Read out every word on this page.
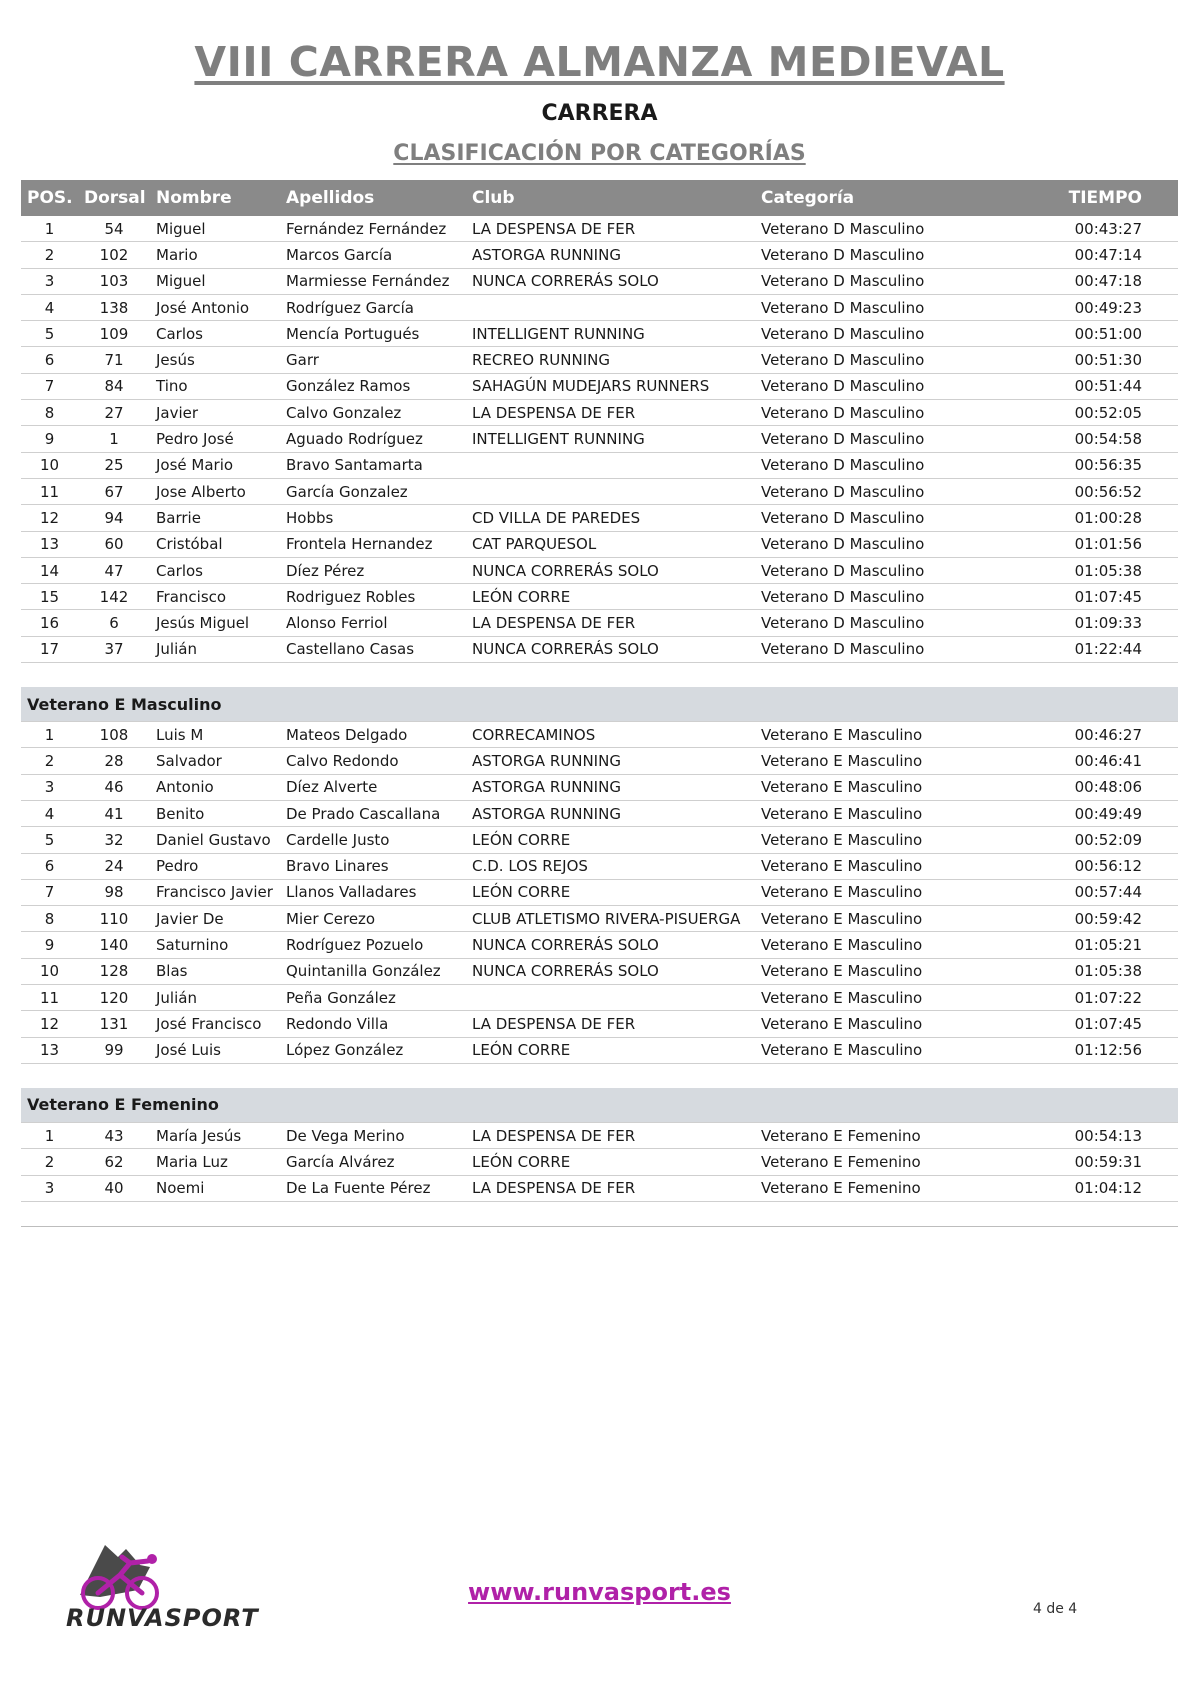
VIII CARRERA ALMANZA MEDIEVAL
CARRERA
CLASIFICACIÓN POR CATEGORÍAS
POS.	Dorsal	Nombre	Apellidos	Club	Categoría	TIEMPO
1	54	Miguel	Fernández Fernández	LA DESPENSA DE FER	Veterano D Masculino	00:43:27
2	102	Mario	Marcos García	ASTORGA RUNNING	Veterano D Masculino	00:47:14
3	103	Miguel	Marmiesse Fernández	NUNCA CORRERÁS SOLO	Veterano D Masculino	00:47:18
4	138	José Antonio	Rodríguez García		Veterano D Masculino	00:49:23
5	109	Carlos	Mencía Portugués	INTELLIGENT RUNNING	Veterano D Masculino	00:51:00
6	71	Jesús	Garr	RECREO RUNNING	Veterano D Masculino	00:51:30
7	84	Tino	González Ramos	SAHAGÚN MUDEJARS RUNNERS	Veterano D Masculino	00:51:44
8	27	Javier	Calvo Gonzalez	LA DESPENSA DE FER	Veterano D Masculino	00:52:05
9	1	Pedro José	Aguado Rodríguez	INTELLIGENT RUNNING	Veterano D Masculino	00:54:58
10	25	José Mario	Bravo Santamarta		Veterano D Masculino	00:56:35
11	67	Jose Alberto	García Gonzalez		Veterano D Masculino	00:56:52
12	94	Barrie	Hobbs	CD VILLA DE PAREDES	Veterano D Masculino	01:00:28
13	60	Cristóbal	Frontela Hernandez	CAT PARQUESOL	Veterano D Masculino	01:01:56
14	47	Carlos	Díez Pérez	NUNCA CORRERÁS SOLO	Veterano D Masculino	01:05:38
15	142	Francisco	Rodriguez Robles	LEÓN CORRE	Veterano D Masculino	01:07:45
16	6	Jesús Miguel	Alonso Ferriol	LA DESPENSA DE FER	Veterano D Masculino	01:09:33
17	37	Julián	Castellano Casas	NUNCA CORRERÁS SOLO	Veterano D Masculino	01:22:44

Veterano E Masculino						
1	108	Luis M	Mateos Delgado	CORRECAMINOS	Veterano E Masculino	00:46:27
2	28	Salvador	Calvo Redondo	ASTORGA RUNNING	Veterano E Masculino	00:46:41
3	46	Antonio	Díez Alverte	ASTORGA RUNNING	Veterano E Masculino	00:48:06
4	41	Benito	De Prado Cascallana	ASTORGA RUNNING	Veterano E Masculino	00:49:49
5	32	Daniel Gustavo	Cardelle Justo	LEÓN CORRE	Veterano E Masculino	00:52:09
6	24	Pedro	Bravo Linares	C.D. LOS REJOS	Veterano E Masculino	00:56:12
7	98	Francisco Javier	Llanos Valladares	LEÓN CORRE	Veterano E Masculino	00:57:44
8	110	Javier De	Mier Cerezo	CLUB ATLETISMO RIVERA-PISUERGA	Veterano E Masculino	00:59:42
9	140	Saturnino	Rodríguez Pozuelo	NUNCA CORRERÁS SOLO	Veterano E Masculino	01:05:21
10	128	Blas	Quintanilla González	NUNCA CORRERÁS SOLO	Veterano E Masculino	01:05:38
11	120	Julián	Peña González		Veterano E Masculino	01:07:22
12	131	José Francisco	Redondo Villa	LA DESPENSA DE FER	Veterano E Masculino	01:07:45
13	99	José Luis	López González	LEÓN CORRE	Veterano E Masculino	01:12:56

Veterano E Femenino						
1	43	María Jesús	De Vega Merino	LA DESPENSA DE FER	Veterano E Femenino	00:54:13
2	62	Maria Luz	García Alvárez	LEÓN CORRE	Veterano E Femenino	00:59:31
3	40	Noemi	De La Fuente Pérez	LA DESPENSA DE FER	Veterano E Femenino	01:04:12

RUNVASPORT
www.runvasport.es
4 de 4
